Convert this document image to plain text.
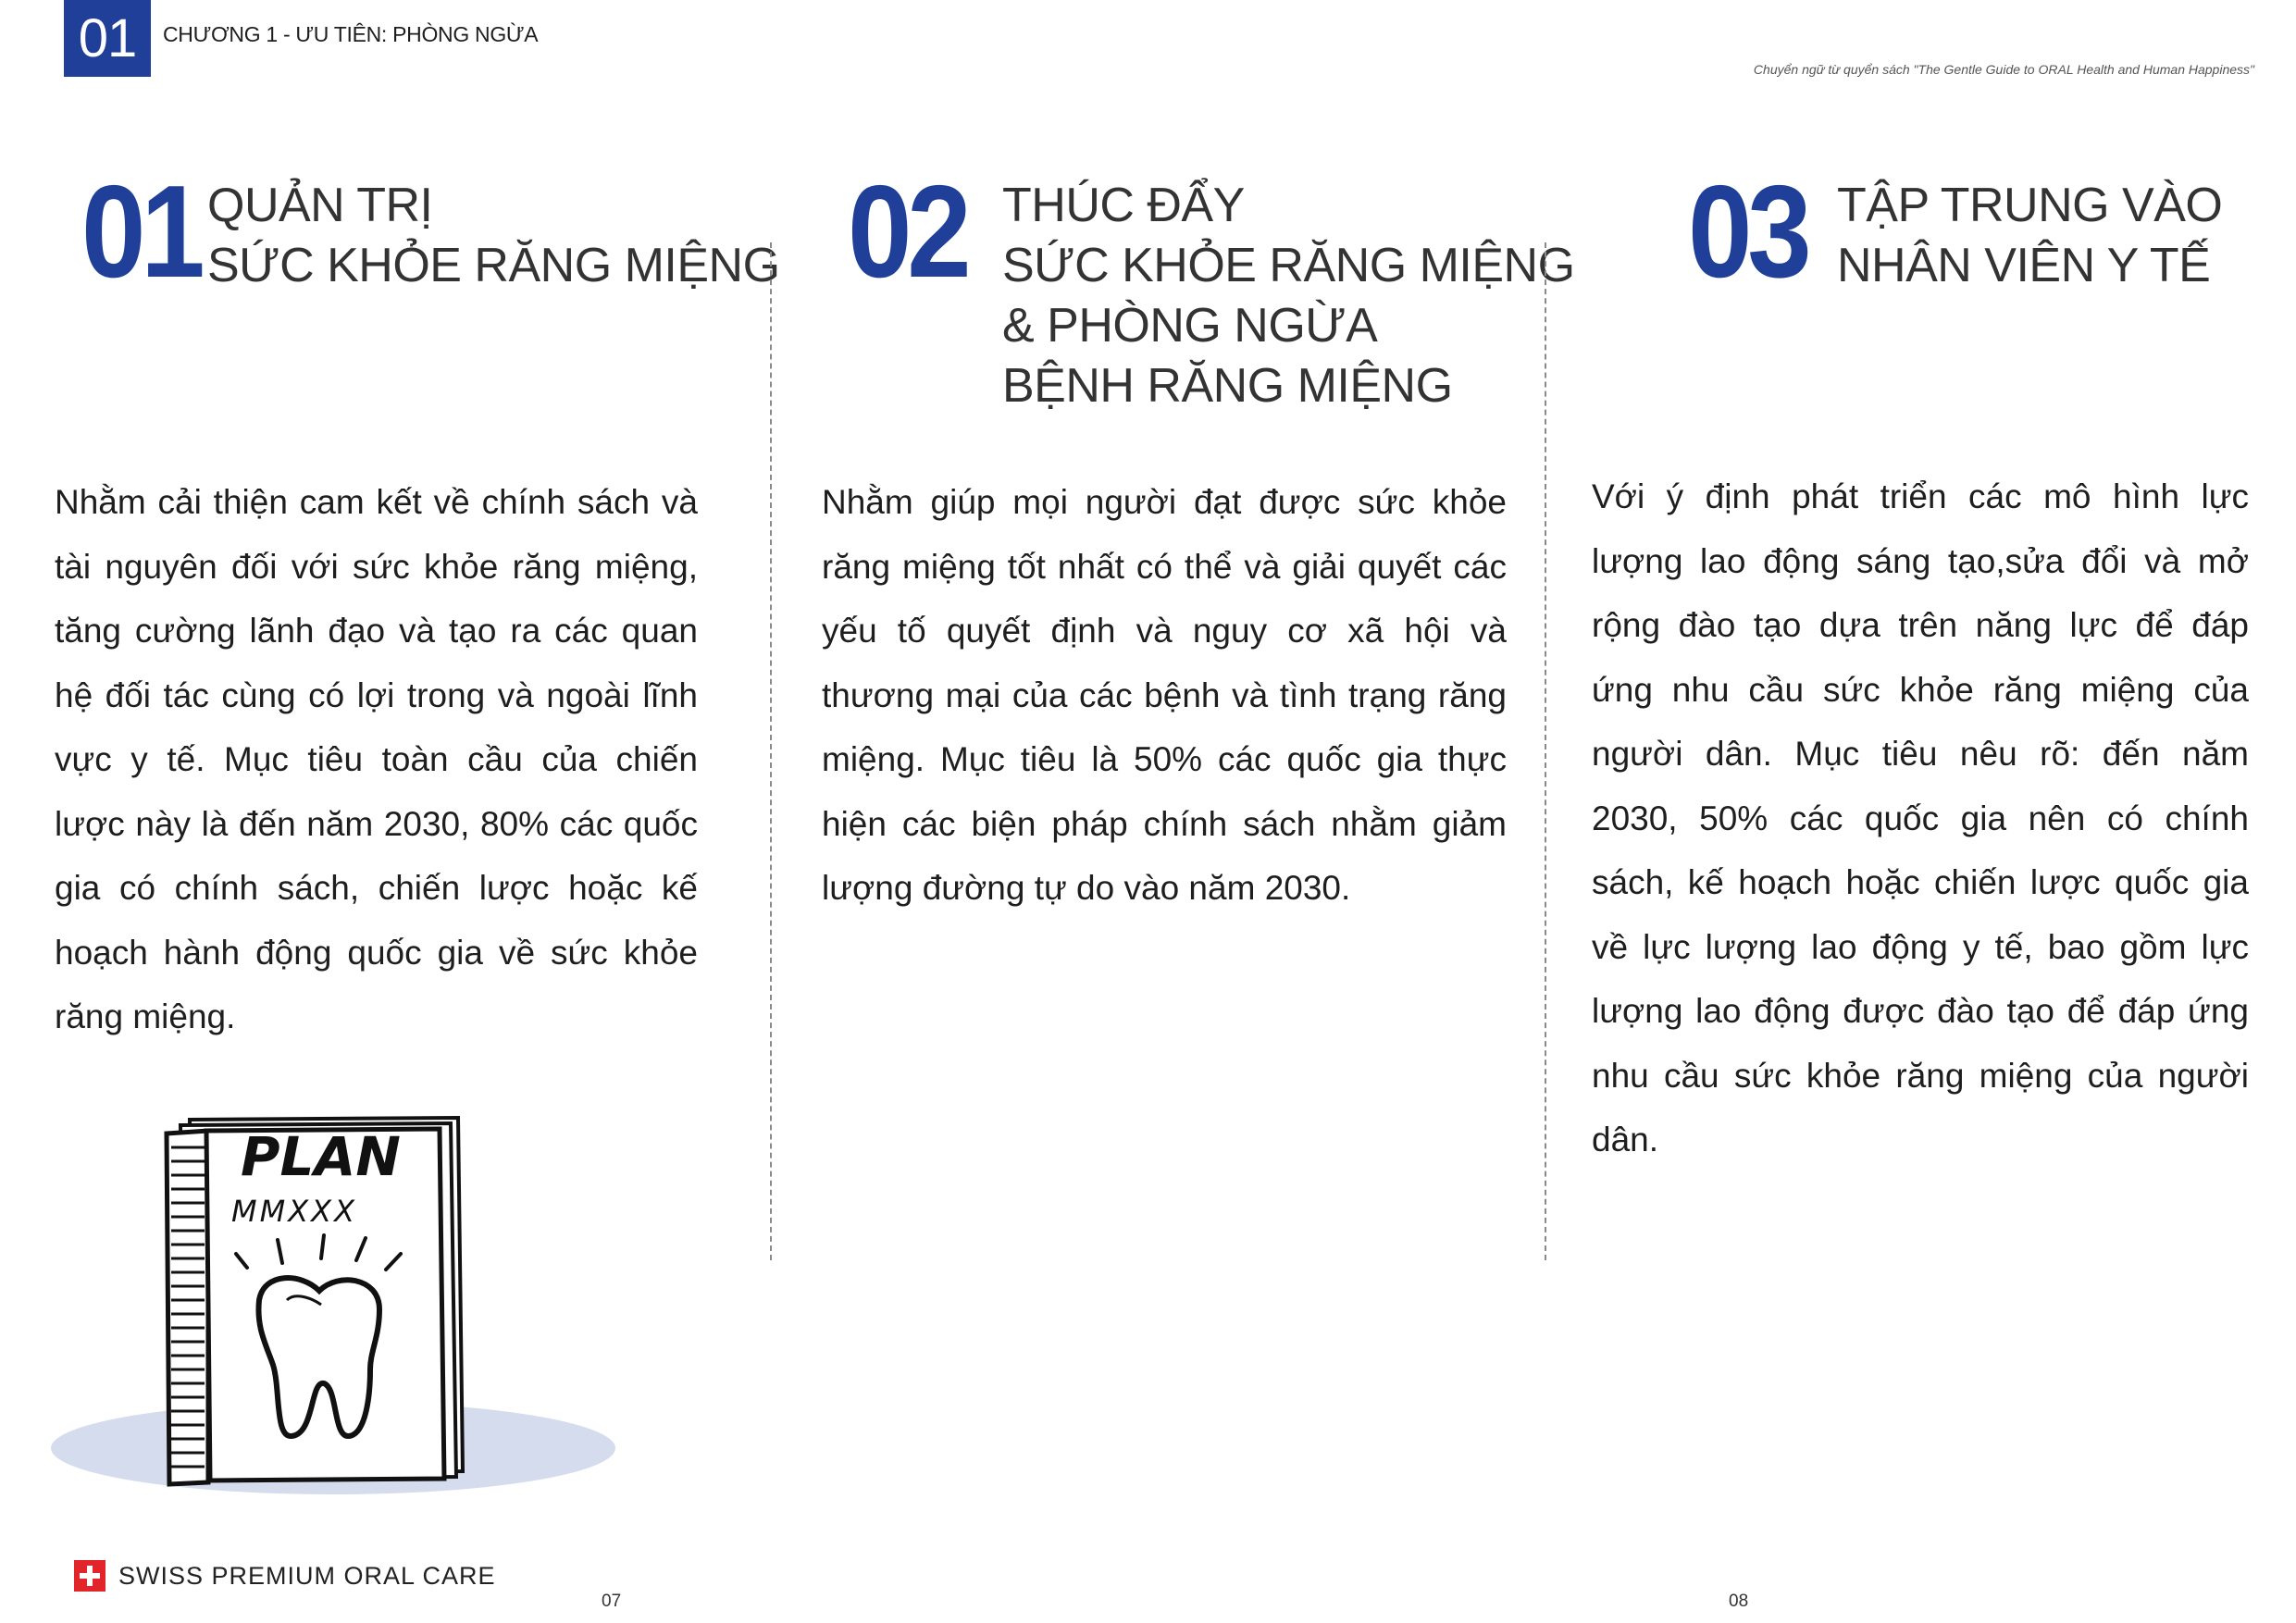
01	CHƯƠNG 1 - ƯU TIÊN: PHÒNG NGỪA
Chuyển ngữ từ quyển sách "The Gentle Guide to ORAL Health and Human Happiness"
01 QUẢN TRỊ
SỨC KHỎE RĂNG MIỆNG
Nhằm cải thiện cam kết về chính sách và tài nguyên đối với sức khỏe răng miệng, tăng cường lãnh đạo và tạo ra các quan hệ đối tác cùng có lợi trong và ngoài lĩnh vực y tế. Mục tiêu toàn cầu của chiến lược này là đến năm 2030, 80% các quốc gia có chính sách, chiến lược hoặc kế hoạch hành động quốc gia về sức khỏe răng miệng.
02 THÚC ĐẨY
SỨC KHỎE RĂNG MIỆNG
& PHÒNG NGỪA
BỆNH RĂNG MIỆNG
Nhằm giúp mọi người đạt được sức khỏe răng miệng tốt nhất có thể và giải quyết các yếu tố quyết định và nguy cơ xã hội và thương mại của các bệnh và tình trạng răng miệng. Mục tiêu là 50% các quốc gia thực hiện các biện pháp chính sách nhằm giảm lượng đường tự do vào năm 2030.
03 TẬP TRUNG VÀO
NHÂN VIÊN Y TẾ
Với ý định phát triển các mô hình lực lượng lao động sáng tạo,sửa đổi và mở rộng đào tạo dựa trên năng lực để đáp ứng nhu cầu sức khỏe răng miệng của người dân. Mục tiêu nêu rõ: đến năm 2030, 50% các quốc gia nên có chính sách, kế hoạch hoặc chiến lược quốc gia về lực lượng lao động y tế, bao gồm lực lượng lao động được đào tạo để đáp ứng nhu cầu sức khỏe răng miệng của người dân.
PLAN
MMXXX
SWISS PREMIUM ORAL CARE
07	08
